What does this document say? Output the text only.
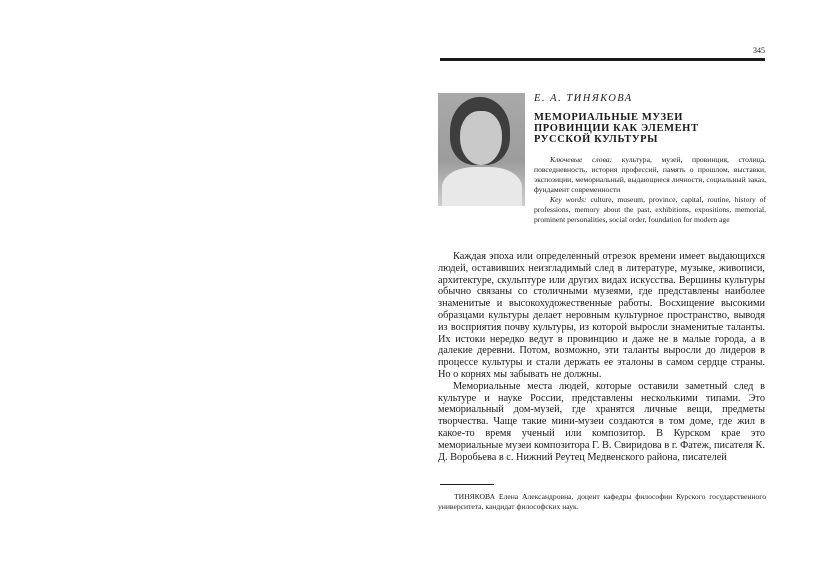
345
Е. А. ТИНЯКОВА
МЕМОРИАЛЬНЫЕ МУЗЕИ
ПРОВИНЦИИ КАК ЭЛЕМЕНТ
РУССКОЙ КУЛЬТУРЫ

Ключевые слова: культура, музей, провинция, столица, повседневность, история профессий, память о прошлом, выставки, экспозиции, мемориальный, выдающиеся личности, социальный заказ, фундамент современности

Key words: culture, museum, province, capital, routine, history of professions, memory about the past, exhibitions, expositions, memorial, prominent personalities, social order, foundation for modern age

Каждая эпоха или определенный отрезок времени имеет выдающихся людей, оставивших неизгладимый след в литературе, музыке, живописи, архитектуре, скульптуре или других видах искусства. Вершины культуры обычно связаны со столичными музеями, где представлены наиболее знаменитые и высокохудожественные работы. Восхищение высокими образцами культуры делает неровным культурное пространство, выводя из восприятия почву культуры, из которой выросли знаменитые таланты. Их истоки нередко ведут в провинцию и даже не в малые города, а в далекие деревни. Потом, возможно, эти таланты выросли до лидеров в процессе культуры и стали держать ее эталоны в самом сердце страны. Но о корнях мы забывать не должны.

Мемориальные места людей, которые оставили заметный след в культуре и науке России, представлены несколькими типами. Это мемориальный дом-музей, где хранятся личные вещи, предметы творчества. Чаще такие мини-музеи создаются в том доме, где жил в какое-то время ученый или композитор. В Курском крае это мемориальные музеи композитора Г. В. Свиридова в г. Фатеж, писателя К. Д. Воробьева в с. Нижний Реутец Медвенского района, писателей

ТИНЯКОВА Елена Александровна, доцент кафедры философии Курского государственного университета, кандидат философских наук.
